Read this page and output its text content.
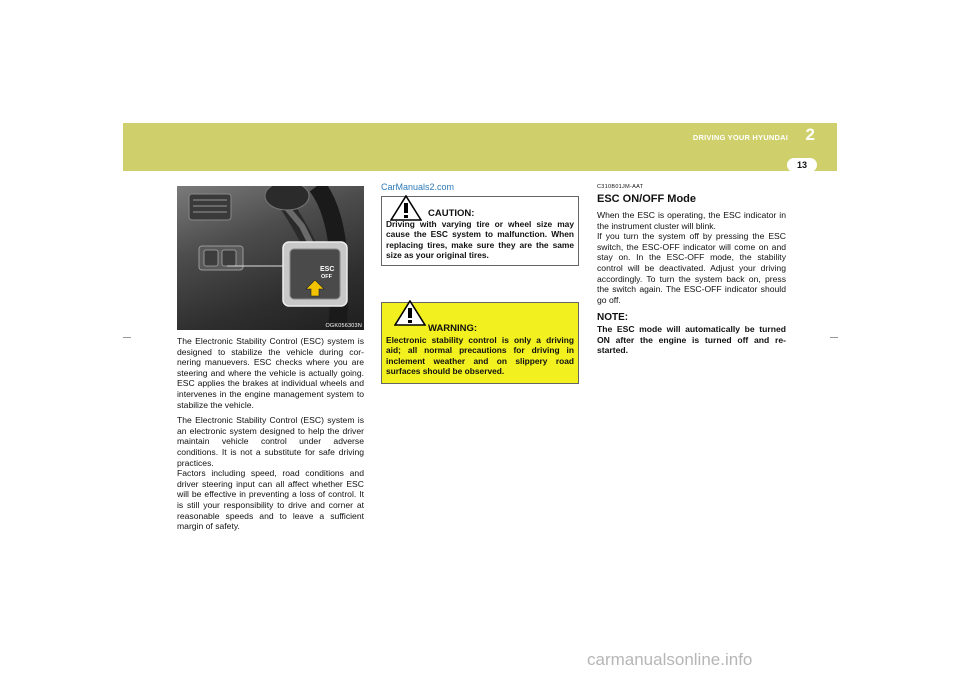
DRIVING YOUR HYUNDAI 2
13
ESC
OFF
OGK056303N

The Electronic Stability Control (ESC) system is designed to stabilize the vehicle during cor-nering manuevers. ESC checks where you are steering and where the vehicle is actually going. ESC applies the brakes at individual wheels and intervenes in the engine management system to stabilize the vehicle.

The Electronic Stability Control (ESC) system is an electronic system designed to help the driver maintain vehicle control under adverse conditions. It is not a substitute for safe driving practices.
Factors including speed, road conditions and driver steering input can all affect whether ESC will be effective in preventing a loss of control. It is still your responsibility to drive and corner at reasonable speeds and to leave a sufficient margin of safety.

CarManuals2.com
CAUTION:
Driving with varying tire or wheel size may cause the ESC system to malfunction. When replacing tires, make sure they are the same size as your original tires.
WARNING:
Electronic stability control is only a driving aid; all normal precautions for driving in inclement weather and on slippery road surfaces should be observed.
C310B01JM-AAT
ESC ON/OFF Mode
When the ESC is operating, the ESC indicator in the instrument cluster will blink.
If you turn the system off by pressing the ESC switch, the ESC-OFF indicator will come on and stay on. In the ESC-OFF mode, the stability control will be deactivated. Adjust your driving accordingly. To turn the system back on, press the switch again. The ESC-OFF indicator should go off.
NOTE:
The ESC mode will automatically be turned ON after the engine is turned off and re-started.
carmanualsonline.info
